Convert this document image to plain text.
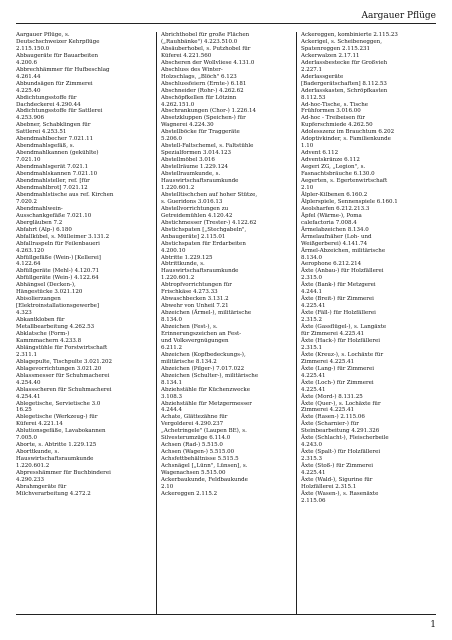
Aargauer Pflüge
Aargauer Pflüge, s.
Deutschschweizer Kehrpflüge
2.115.150.0
Abbaugeräte für Bauarbeiten
4.200.6
Abbrechhämmer für Hufbeschlag
4.261.44
Abbundsägen für Zimmerei
4.225.40
Abdichtungsstoffe für
Dachdeckerei 4.290.44
Abdichtungsstoffe für Sattlerei
4.253.906
Abebner, Schabklingen für
Sattlerei 4.253.51
Abendmahlbecher 7.021.11
Abendmahlsgefäß, s.
Abendmahlkannen (gekühlte)
7.021.10
Abendmahlsgerät 7.021.1
Abendmahlskannen 7.021.10
Abendmahlsteller, ref. [für
Abendmahlbrot] 7.021.12
Abendmahlstische aus ref. Kirchen
7.020.2
Abendmahlwein-
Ausschankgefäße 7.021.10
Abergläuben 7.2
Abfahrt (Alp-) 6.180
Abfallkübel, s. Mülleimer 3.131.2
Abfallraspeln für Feilenbaueri
4.263.120
Abfüllgefäße (Wein-) [Kellerei]
4.122.64
Abfüllgeräte (Mehl-) 4.120.71
Abfüllgeräte (Wein-) 4.122.64
Abhängsel (Decken-),
Hängestücke 3.021.120
Abisolierzangen
[Elektroinstallationsgewerbe]
4.323
Abkantkloben für
Metallbearbeitung 4.262.53
Abklatsche (Form-)
Kammmachern 4.233.8
Ablängstühle für Forstwirtschaft
2.311.1
Ablagepulte, Tischpulte 3.021.202
Ablagevorrichtungen 3.021.20
Ablassmesser für Schuhmacherei
4.254.40
Ablassscheren für Schuhmacherei
4.254.41
Ablegetische, Servietische 3.0
16.25
Ablegetische (Werkzeug-) für
Küferei 4.221.14
Ablutionsgefäße, Lavabokannen
7.005.0
Aborte, s. Abtritte 1.229.125
Aborttkunde, s.
Hauswirtschaftsraumkunde
1.220.601.2
Abpresshämmer für Buchbinderei
4.290.233
Abrahmgeräte für
Milchverarbeitung 4.272.2
Abrichthobel für große Flächen
(„Rauhbänke") 4.223.510.0
Absäuberhobel, s. Putzhobel für
Küferei 4.221.560
Abscheren der Wollvliese 4.131.0
Abschluss des Winter-
Holzschlags, „Blöch" 6.123
Abschlussfeiern (Ernte-) 6.181
Abschneider (Rohr-) 4.262.62
Abschöpfkellen für Lötzinn
4.262.151.0
Abschrankungen (Chor-) 1.226.14
Absetzkluppen (Speichen-) für
Wagnerei 4.224.30
Abstellböcke für Traggeräte
5.206.0
Abstell-Faltschemel, s. Faltstühle
Spezialformen 3.014.123
Abstellmöbel 3.016
Abstellräume 1.229.124
Abstellraumkunde, s.
Hauswirtschaftsraumkunde
1.220.601.2
Abstelltischchen auf hoher Stütze,
s. Gueridons 3.016.13
Abstellvorrichtungen zu
Getreidemühlen 4.120.42
Abstichmesser (Trester-) 4.122.62
Abstichspaten [„Stechgabeln",
Anbaugeräte] 2.115.01
Abstichspaten für Erdarbeiten
4.200.10
Abtritte 1.229.125
Abtrittkunde, s.
Hauswirtschaftsraumkunde
1.220.601.2
Abtropfvorrichtungen für
Frischkäse 4.273.33
Abwaschbecken 3.131.2
Abwehr von Unheil 7.21
Abzeichen (Ärmel-), militärische
8.134.0
Abzeichen (Fest-), s.
Erinnerungszeichen an Fest-
und Volksvergnügungen
6.211.2
Abzeichen (Kopfbedeckungs-),
militärische 8.134.2
Abzeichen (Pilger-) 7.017.022
Abzeichen (Schulter-), militärische
8.134.1
Abziehstähle für Küchenzwecke
3.108.3
Abziehstähle für Metzgermesser
4.244.4
Achate, Glättezähne für
Vergolderei 4.290.237
„Achetringele" (Laupen BE), s.
Silvesterumzüge 6.114.0
Achsen (Rad-) 5.515.0
Achsen (Wagen-) 5.515.00
Achsfettbehältnisse 5.515.5
Achsnägel [„Lünn", Lünsen], s.
Wagenachsen 5.515.00
Ackerbaukunde, Feldbaukunde
2.10
Ackereggen 2.115.2
Ackereggen, kombinierte 2.115.23
Ackerigel, s. Scheibeneggen,
Spatenreggen 2.115.231
Ackerwalzen 2.17.11
Aderlassbestecke für Großvieh
2.227.1
Aderlassgeräte
[Badergerätschaften] 8.112.53
Aderlasskasten, Schröpfkasten
8.112.53
Ad-hoc-Tische, s. Tische
Frühformen 3.016.00
Ad-hoc - Treibeisen für
Kupferschmiede 4.262.50
Adolesszenz im Brauchtum 6.202
Adoptivkinder, s. Familienkunde
1.10
Advent 6.112
Adventskränze 6.112
Aegeri ZG, „Legion", s.
Fasnachtsbräuche 6.130.0
Aegerten, s. Egertenwirtschaft
2.10
Älpler-Kilbenen 6.160.2
Älplerspiele, Sennenspiele 6.160.1
Aeolsharfen 6.212.213.3
Äpfel (Wärme-), Poma
calefactoria 7.008.4
Ärmelabzeichen 8.134.0
Ärmelaufnäher (Loh- und
Weißgerberei) 4.141.74
Ärmel-Abzeichen, militärische
8.134.0
Aerophone 6.212.214
Äxte (Anbau-) für Holzfällerei
2.315.0
Äxte (Bank-) für Metzgerei
4.244.1
Äxte (Breit-) für Zimmerei
4.225.41
Äxte (Fäll-) für Holzfällerei
2.315.2
Äxte (Gassflügel-), s. Langäxte
für Zimmerei 4.225.41
Äxte (Hack-) für Holzfällerei
2.315.1
Äxte (Kreuz-), s. Lochäxte für
Zimmerei 4.225.41
Äxte (Lang-) für Zimmerei
4.225.41
Äxte (Loch-) für Zimmerei
4.225.41
Äxte (Mord-) 8.131.25
Äxte (Quer-), s. Lochäxte für
Zimmerei 4.225.41
Äxte (Rasen-) 2.115.06
Äxte (Scharnier-) für
Steinbearbeitung 4.291.326
Äxte (Schlacht-), Fleischerbeile
4.243.0
Äxte (Spalt-) für Holzfällerei
2.315.3
Äxte (Stoß-) für Zimmerei
4.225.41
Äxte (Wald-), Sigurine für
Holzfällerei 2.315.1
Äxte (Wasen-), s. Rasenäxte
2.115.06
1
